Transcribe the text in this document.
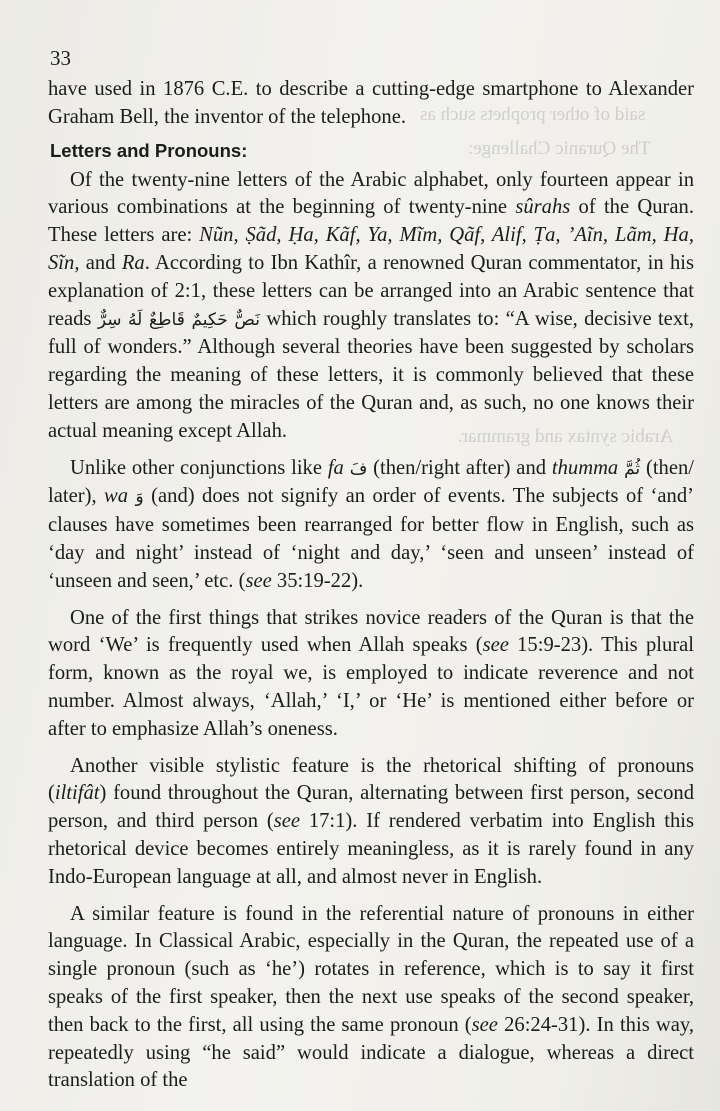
said of other prophets such as
The Quranic Challenge:
Arabic syntax and grammar.
33

have used in 1876 C.E. to describe a cutting-edge smartphone to Alexander Graham Bell, the inventor of the telephone.

Letters and Pronouns:

Of the twenty-nine letters of the Arabic alphabet, only fourteen appear in various combinations at the beginning of twenty-nine sûrahs of the Quran. These letters are: Nũn, Ṣãd, Ḥa, Kãf, Ya, Mĩm, Qãf, Alif, Ṭa, ’Aĩn, Lãm, Ha, Sĩn, and Ra. According to Ibn Kathîr, a renowned Quran commentator, in his explanation of 2:1, these letters can be arranged into an Arabic sentence that reads نَصٌّ حَكِيمٌ قَاطِعٌ لَهُ سِرٌّ which roughly translates to: “A wise, decisive text, full of wonders.” Although several theories have been suggested by scholars regarding the meaning of these letters, it is commonly believed that these letters are among the miracles of the Quran and, as such, no one knows their actual meaning except Allah.

Unlike other conjunctions like fa فَ (then/right after) and thumma ثُمَّ (then/ later), wa وَ (and) does not signify an order of events. The subjects of ‘and’ clauses have sometimes been rearranged for better flow in English, such as ‘day and night’ instead of ‘night and day,’ ‘seen and unseen’ instead of ‘unseen and seen,’ etc. (see 35:19-22).

One of the first things that strikes novice readers of the Quran is that the word ‘We’ is frequently used when Allah speaks (see 15:9-23). This plural form, known as the royal we, is employed to indicate reverence and not number. Almost always, ‘Allah,’ ‘I,’ or ‘He’ is mentioned either before or after to emphasize Allah’s oneness.

Another visible stylistic feature is the rhetorical shifting of pronouns (iltifât) found throughout the Quran, alternating between first person, second person, and third person (see 17:1). If rendered verbatim into English this rhetorical device becomes entirely meaningless, as it is rarely found in any Indo-European language at all, and almost never in English.

A similar feature is found in the referential nature of pronouns in either language. In Classical Arabic, especially in the Quran, the repeated use of a single pronoun (such as ‘he’) rotates in reference, which is to say it first speaks of the first speaker, then the next use speaks of the second speaker, then back to the first, all using the same pronoun (see 26:24-31). In this way, repeatedly using “he said” would indicate a dialogue, whereas a direct translation of the
